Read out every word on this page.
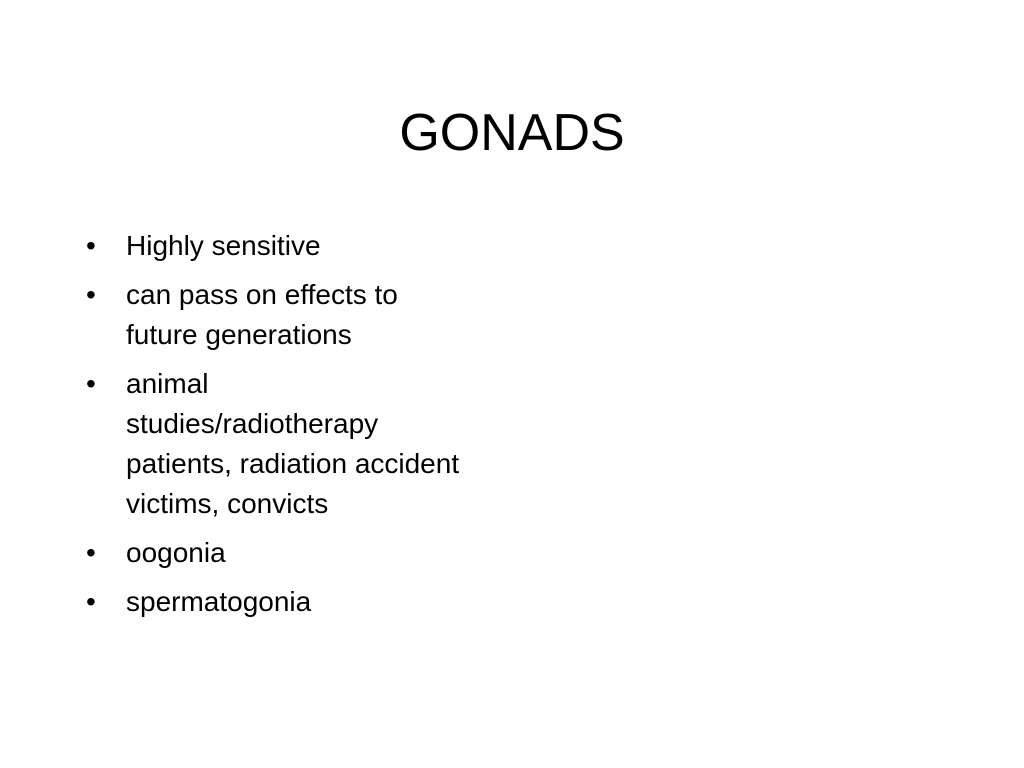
GONADS
•	Highly sensitive
•	can pass on effects to future generations
•	animal studies/radiotherapy patients, radiation accident victims, convicts
•	oogonia
•	spermatogonia
